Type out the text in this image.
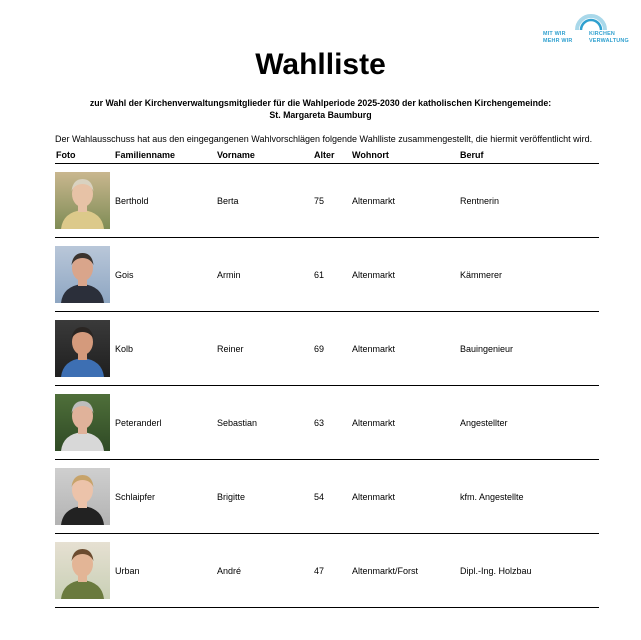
MIT WIR
MEHR WIR
KIRCHEN
VERWALTUNG
Wahlliste
zur Wahl der Kirchenverwaltungsmitglieder für die Wahlperiode 2025-2030 der katholischen Kirchengemeinde:
St. Margareta Baumburg

Der Wahlausschuss hat aus den eingegangenen Wahlvorschlägen folgende Wahlliste zusammengestellt, die hiermit veröffentlicht wird.

Foto	Familienname	Vorname	Alter	Wohnort	Beruf

	Berthold	Berta	75	Altenmarkt	Rentnerin

	Gois	Armin	61	Altenmarkt	Kämmerer

	Kolb	Reiner	69	Altenmarkt	Bauingenieur

	Peteranderl	Sebastian	63	Altenmarkt	Angestellter

	Schlaipfer	Brigitte	54	Altenmarkt	kfm. Angestellte

	Urban	André	47	Altenmarkt/Forst	Dipl.-Ing. Holzbau
